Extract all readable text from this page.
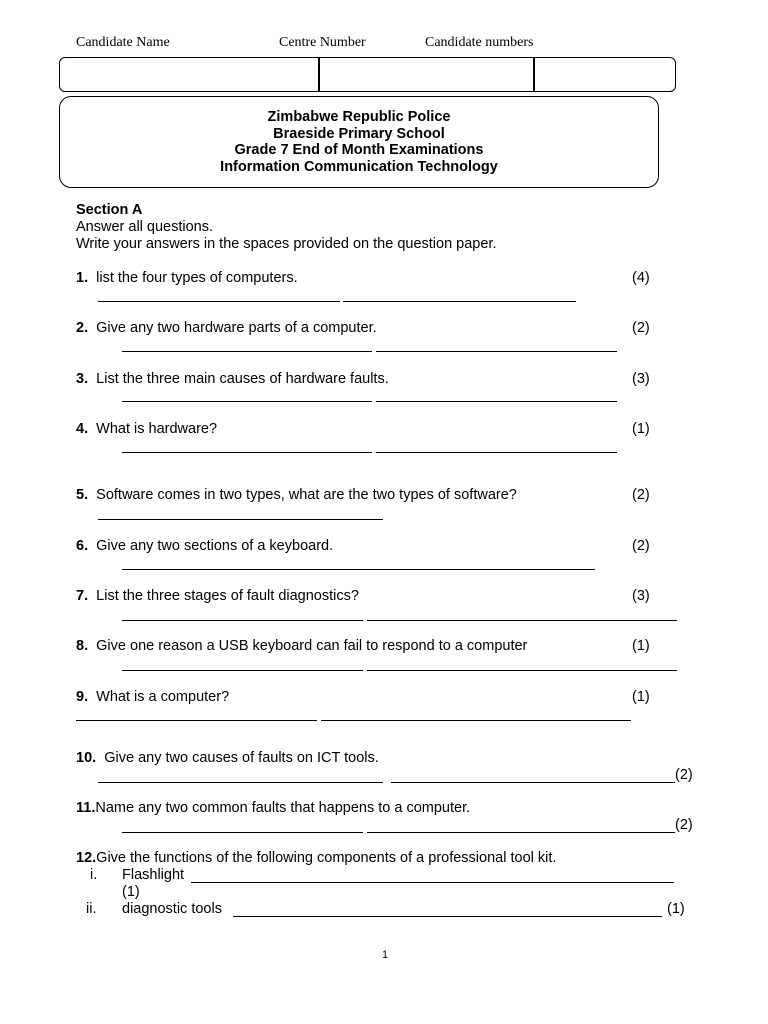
Candidate Name	Centre Number	Candidate numbers
Zimbabwe Republic Police
Braeside Primary School
Grade 7 End of Month Examinations
Information Communication Technology
Section A
Answer all questions.
Write your answers in the spaces provided on the question paper.
1. list the four types of computers.	(4)
2. Give any two hardware parts of a computer.	(2)
3. List the three main causes of hardware faults.	(3)
4. What is hardware?	(1)
5. Software comes in two types, what are the two types of software?	(2)
6. Give any two sections of a keyboard.	(2)
7. List the three stages of fault diagnostics?	(3)
8. Give one reason a USB keyboard can fail to respond to a computer	(1)
9. What is a computer?	(1)
10. Give any two causes of faults on ICT tools.
(2)
11.Name any two common faults that happens to a computer.
(2)
12.Give the functions of the following components of a professional tool kit.
i. Flashlight
(1)
ii. diagnostic tools	(1)
1
